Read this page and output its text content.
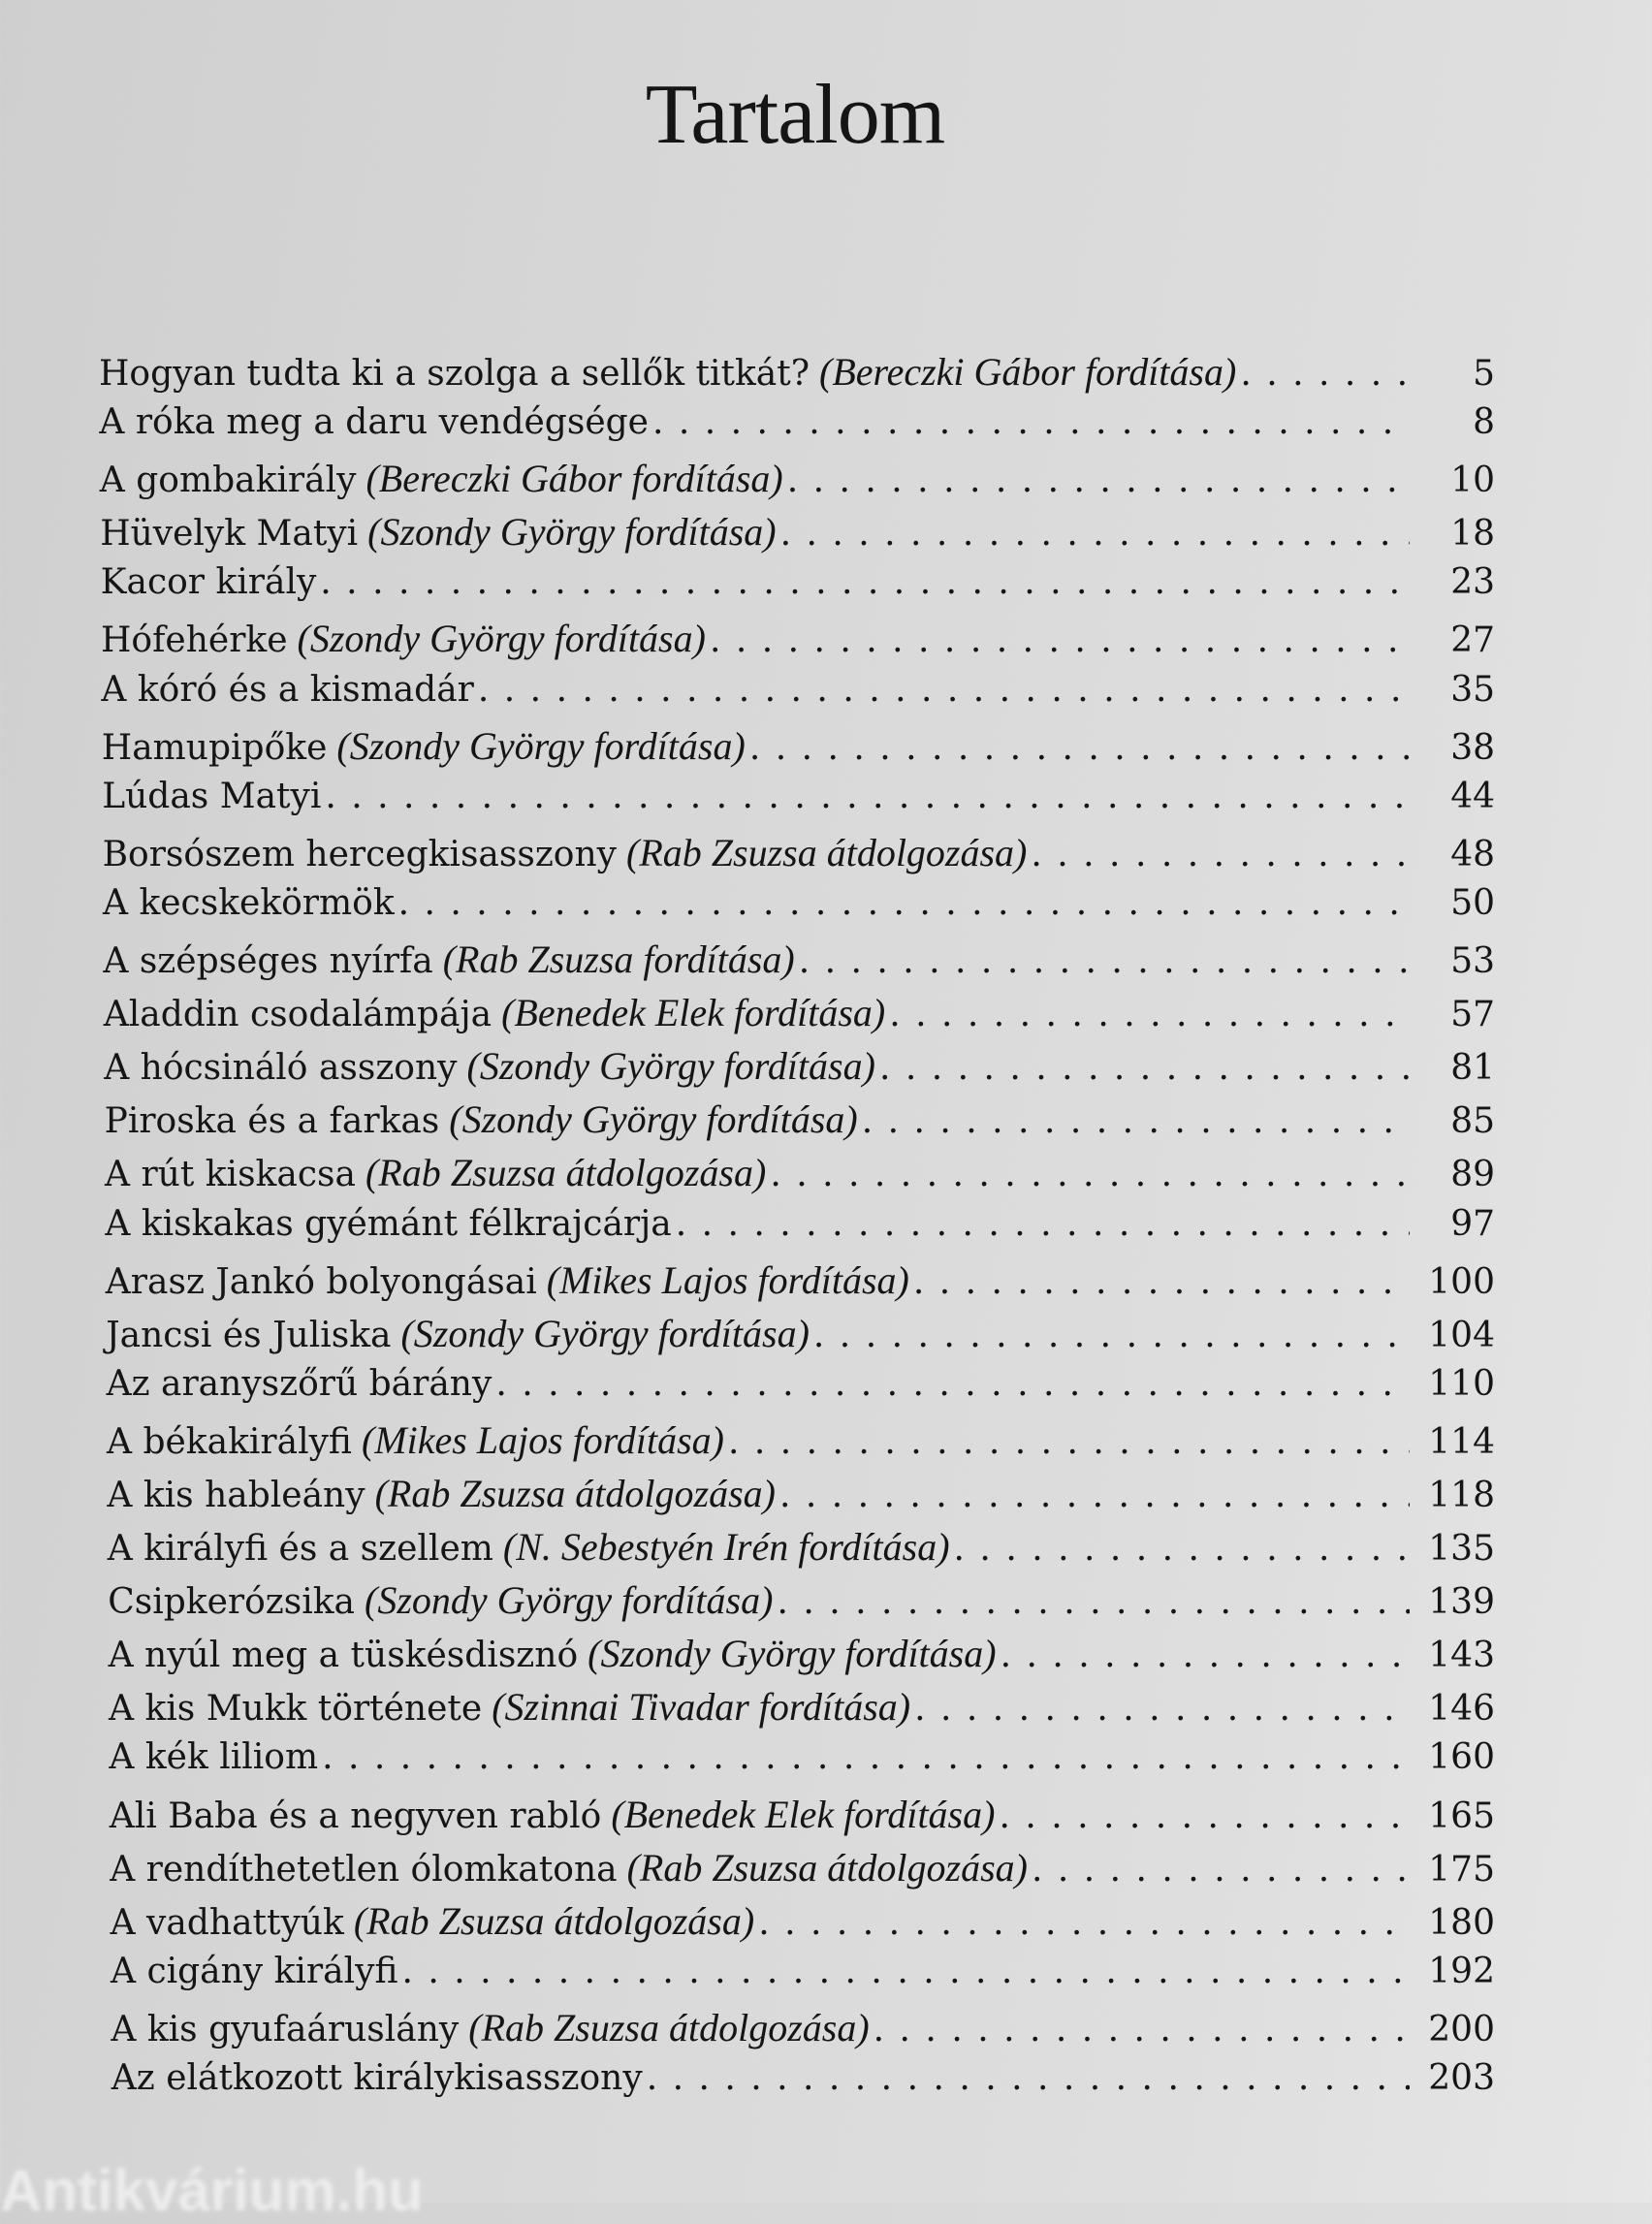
Tartalom
Hogyan tudta ki a szolga a sellők titkát? (Bereczki Gábor fordítása) . . .	5
A róka meg a daru vendégsége . . .	8
A gombakirály (Bereczki Gábor fordítása) . . .	10
Hüvelyk Matyi (Szondy György fordítása) . . .	18
Kacor király . . .	23
Hófehérke (Szondy György fordítása) . . .	27
A kóró és a kismadár . . .	35
Hamupipőke (Szondy György fordítása) . . .	38
Lúdas Matyi . . .	44
Borsószem hercegkisasszony (Rab Zsuzsa átdolgozása) . . .	48
A kecskekörmök . . .	50
A szépséges nyírfa (Rab Zsuzsa fordítása) . . .	53
Aladdin csodalámpája (Benedek Elek fordítása) . . .	57
A hócsináló asszony (Szondy György fordítása) . . .	81
Piroska és a farkas (Szondy György fordítása) . . .	85
A rút kiskacsa (Rab Zsuzsa átdolgozása) . . .	89
A kiskakas gyémánt félkrajcárja . . .	97
Arasz Jankó bolyongásai (Mikes Lajos fordítása) . . .	100
Jancsi és Juliska (Szondy György fordítása) . . .	104
Az aranyszőrű bárány . . .	110
A békakirályfi (Mikes Lajos fordítása) . . .	114
A kis hableány (Rab Zsuzsa átdolgozása) . . .	118
A királyfi és a szellem (N. Sebestyén Irén fordítása) . . .	135
Csipkerózsika (Szondy György fordítása) . . .	139
A nyúl meg a tüskésdisznó (Szondy György fordítása) . . .	143
A kis Mukk története (Szinnai Tivadar fordítása) . . .	146
A kék liliom . . .	160
Ali Baba és a negyven rabló (Benedek Elek fordítása) . . .	165
A rendíthetetlen ólomkatona (Rab Zsuzsa átdolgozása) . . .	175
A vadhattyúk (Rab Zsuzsa átdolgozása) . . .	180
A cigány királyfi . . .	192
A kis gyufaáruslány (Rab Zsuzsa átdolgozása) . . .	200
Az elátkozott királykisasszony . . .	203
Antikvárium.hu
